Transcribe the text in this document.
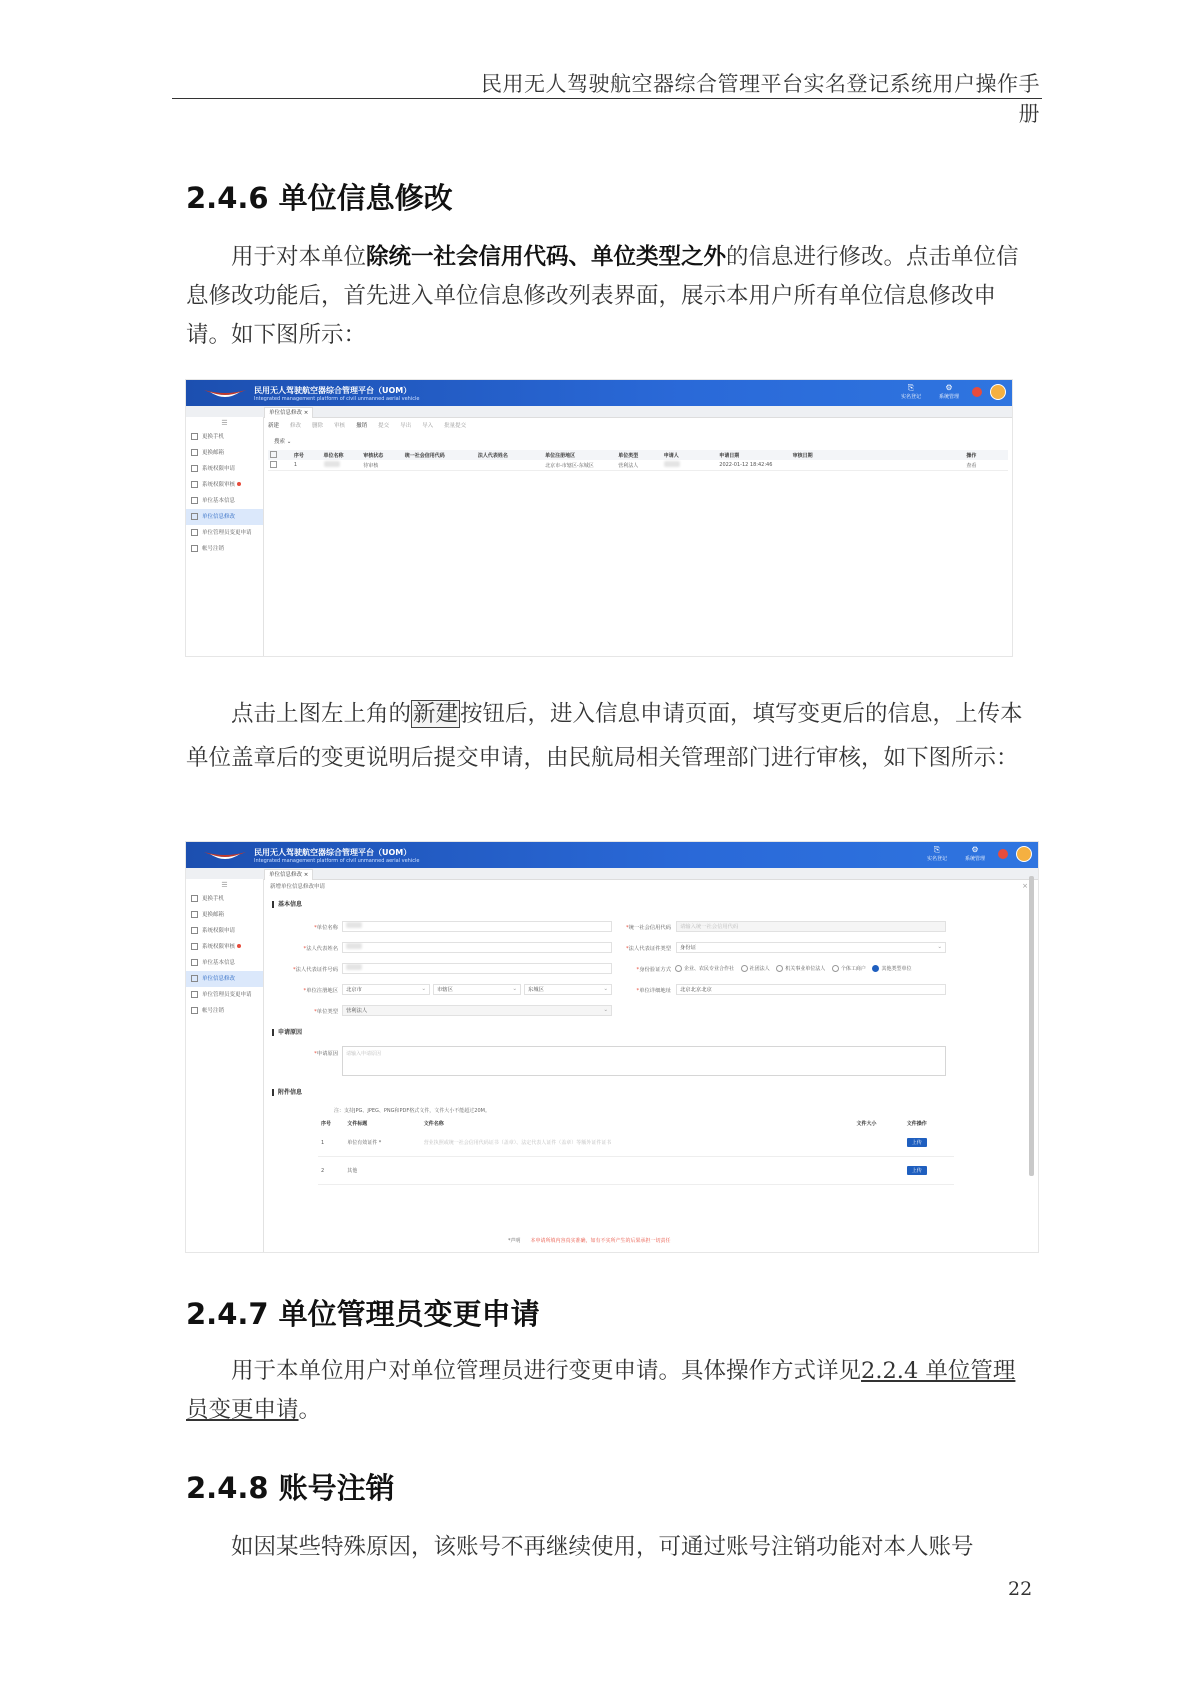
民用无人驾驶航空器综合管理平台实名登记系统用户操作手册
2.4.6 单位信息修改

用于对本单位除统一社会信用代码、单位类型之外的信息进行修改。点击单位信息修改功能后，首先进入单位信息修改列表界面，展示本用户所有单位信息修改申请。如下图所示：

民用无人驾驶航空器综合管理平台（UOM）
Integrated management platform of civil unmanned aerial vehicle
⎘
实名登记
⚙
系统管理
单位信息修改 ×
☰
更换手机
更换邮箱
系统权限申请
系统权限审核
单位基本信息
单位信息修改
单位管理员变更申请
帐号注销
新建 修改 删除 审核 撤销 提交 导出 导入 批量提交
搜索 ⌄
	序号	单位名称	审核状态	统一社会信用代码	法人代表姓名	单位注册地区	单位类型	申请人	申请日期	审核日期	操作
	1		待审核			北京市-市辖区-东城区	营利法人		2022-01-12 18:42:46		查看

点击上图左上角的新建按钮后，进入信息申请页面，填写变更后的信息，上传本单位盖章后的变更说明后提交申请，由民航局相关管理部门进行审核，如下图所示：

民用无人驾驶航空器综合管理平台（UOM）
Integrated management platform of civil unmanned aerial vehicle
⎘
实名登记
⚙
系统管理
单位信息修改 ×
☰
更换手机
更换邮箱
系统权限申请
系统权限审核
单位基本信息
单位信息修改
单位管理员变更申请
帐号注销
新增单位信息修改申请	×
基本信息
*单位名称	*统一社会信用代码	请输入统一社会信用代码
*法人代表姓名	*法人代表证件类型	身份证 ⌄
*法人代表证件号码	*身份验证方式	企业、农民专业合作社	社团法人	机关事业单位法人	个体工商户	其他类型单位
*单位注册地区	北京市 ⌄	市辖区 ⌄	东城区 ⌄	*单位详细地址	北京北京北京
*单位类型	营利法人 ⌄
申请原因
*申请原因	请输入申请原因
附件信息
注：支持JPG、JPEG、PNG和PDF格式文件，文件大小不能超过20M。
序号	文件标题	文件名称	文件大小	文件操作
1	单位有效证件 *	营业执照或统一社会信用代码证书（盖章）、法定代表人证件（盖章）等额外证件证书		上传
2	其他			上传
*声明 本申请所填内容真实准确，如有不实所产生的后果承担一切责任
2.4.7 单位管理员变更申请

用于本单位用户对单位管理员进行变更申请。具体操作方式详见2.2.4 单位管理员变更申请。

2.4.8 账号注销

如因某些特殊原因，该账号不再继续使用，可通过账号注销功能对本人账号

22
